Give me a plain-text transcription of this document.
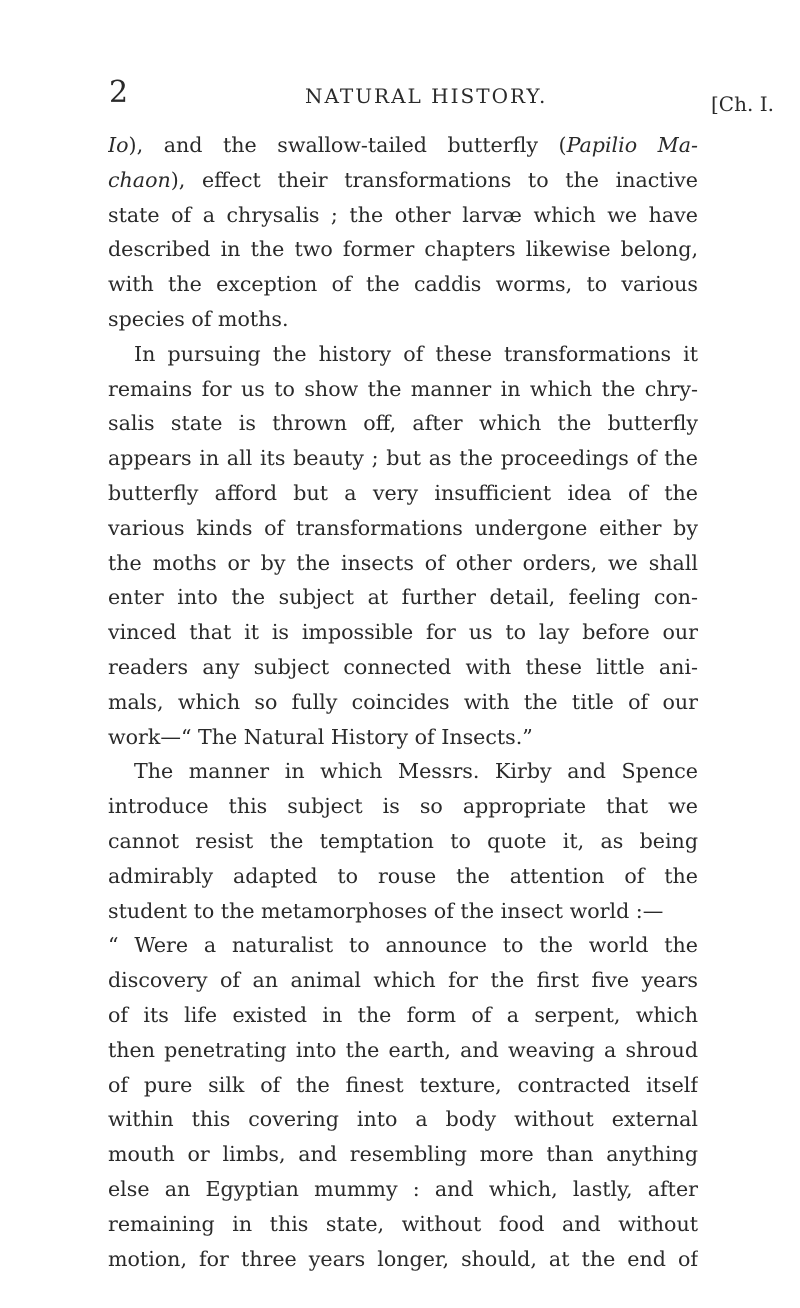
2	NATURAL HISTORY.	[Ch. I.
Io), and the swallow-tailed butterfly (Papilio Ma-
chaon), effect their transformations to the inactive
state of a chrysalis ; the other larvæ which we have
described in the two former chapters likewise belong,
with the exception of the caddis worms, to various
species of moths.
In pursuing the history of these transformations it
remains for us to show the manner in which the chry-
salis state is thrown off, after which the butterfly
appears in all its beauty ; but as the proceedings of the
butterfly afford but a very insufficient idea of the
various kinds of transformations undergone either by
the moths or by the insects of other orders, we shall
enter into the subject at further detail, feeling con-
vinced that it is impossible for us to lay before our
readers any subject connected with these little ani-
mals, which so fully coincides with the title of our
work—“ The Natural History of Insects.”
The manner in which Messrs. Kirby and Spence
introduce this subject is so appropriate that we
cannot resist the temptation to quote it, as being
admirably adapted to rouse the attention of the
student to the metamorphoses of the insect world :—
“ Were a naturalist to announce to the world the
discovery of an animal which for the first five years
of its life existed in the form of a serpent, which
then penetrating into the earth, and weaving a shroud
of pure silk of the finest texture, contracted itself
within this covering into a body without external
mouth or limbs, and resembling more than anything
else an Egyptian mummy : and which, lastly, after
remaining in this state, without food and without
motion, for three years longer, should, at the end of
